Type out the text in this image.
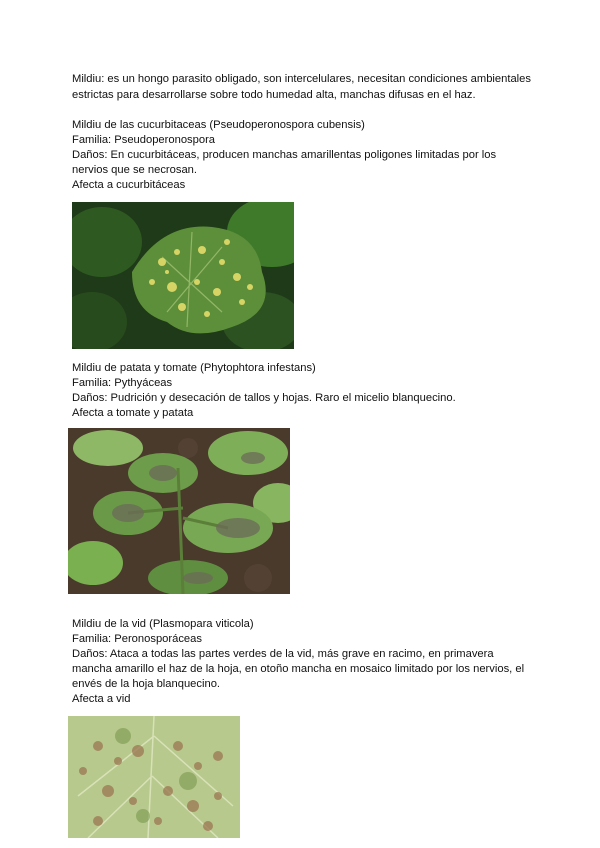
Mildiu: es un hongo parasito obligado, son intercelulares, necesitan condiciones ambientales
estrictas para desarrollarse sobre todo humedad alta, manchas difusas en el haz.
Mildiu de las cucurbitaceas (Pseudoperonospora cubensis)
Familia: Pseudoperonospora
Daños: En cucurbitáceas, producen manchas amarillentas poligones limitadas por los
nervios que se necrosan.
Afecta a cucurbitáceas
Mildiu de patata y tomate (Phytophtora infestans)
Familia: Pythyáceas
Daños: Pudrición y desecación de tallos y hojas. Raro el micelio blanquecino.
Afecta a tomate y patata
Mildiu de la vid (Plasmopara viticola)
Familia: Peronosporáceas
Daños: Ataca a todas las partes verdes de la vid, más grave en racimo, en primavera
mancha amarillo el haz de la hoja, en otoño mancha en mosaico limitado por los nervios, el
envés de la hoja blanquecino.
Afecta a vid
